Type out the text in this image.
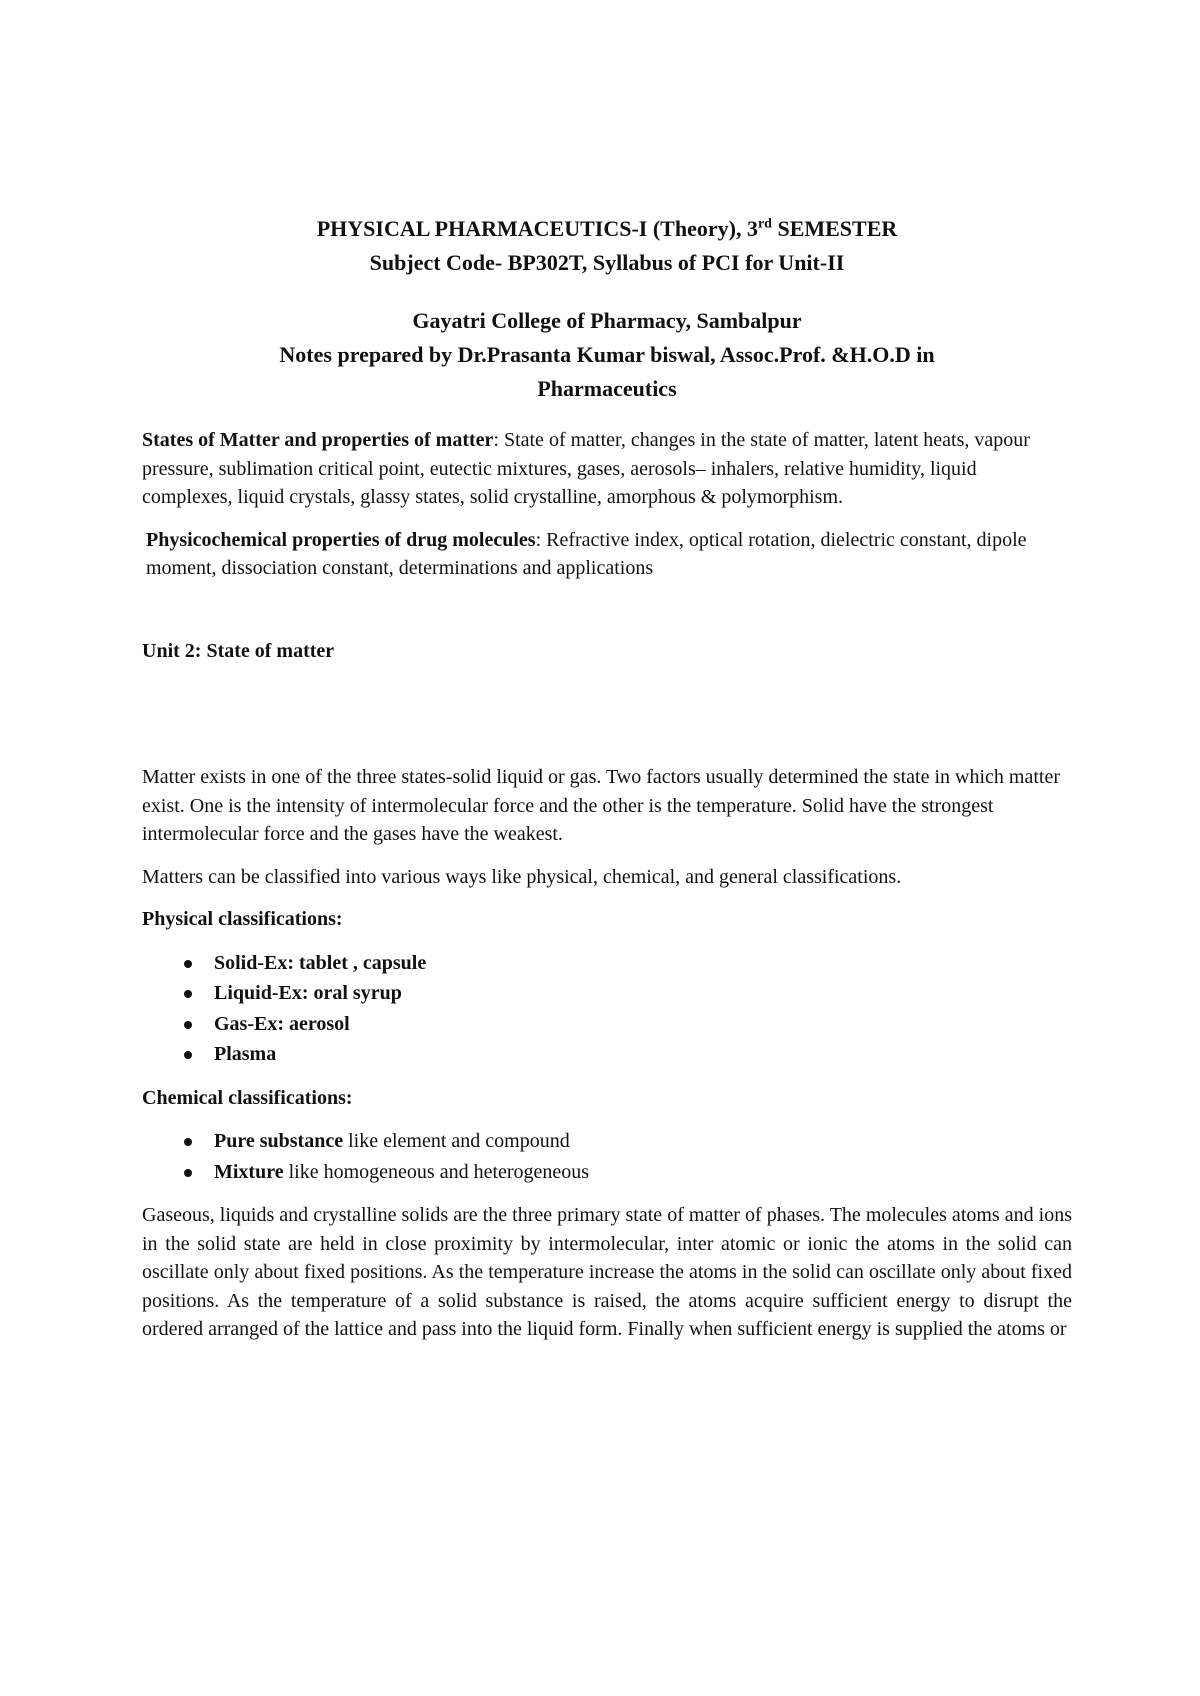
PHYSICAL PHARMACEUTICS-I (Theory), 3rd SEMESTER
Subject Code- BP302T, Syllabus of PCI for Unit-II
Gayatri College of Pharmacy, Sambalpur
Notes prepared by Dr.Prasanta Kumar biswal, Assoc.Prof. &H.O.D in
Pharmaceutics

States of Matter and properties of matter: State of matter, changes in the state of matter, latent heats, vapour pressure, sublimation critical point, eutectic mixtures, gases, aerosols– inhalers, relative humidity, liquid complexes, liquid crystals, glassy states, solid crystalline, amorphous & polymorphism.

Physicochemical properties of drug molecules: Refractive index, optical rotation, dielectric constant, dipole moment, dissociation constant, determinations and applications

Unit 2: State of matter

Matter exists in one of the three states-solid liquid or gas. Two factors usually determined the state in which matter exist. One is the intensity of intermolecular force and the other is the temperature. Solid have the strongest intermolecular force and the gases have the weakest.

Matters can be classified into various ways like physical, chemical, and general classifications.

Physical classifications:

Solid-Ex: tablet , capsule
Liquid-Ex: oral syrup
Gas-Ex: aerosol
Plasma

Chemical classifications:

Pure substance like element and compound
Mixture like homogeneous and heterogeneous

Gaseous, liquids and crystalline solids are the three primary state of matter of phases. The molecules atoms and ions in the solid state are held in close proximity by intermolecular, inter atomic or ionic the atoms in the solid can oscillate only about fixed positions. As the temperature increase the atoms in the solid can oscillate only about fixed positions. As the temperature of a solid substance is raised, the atoms acquire sufficient energy to disrupt the ordered arranged of the lattice and pass into the liquid form. Finally when sufficient energy is supplied the atoms or
